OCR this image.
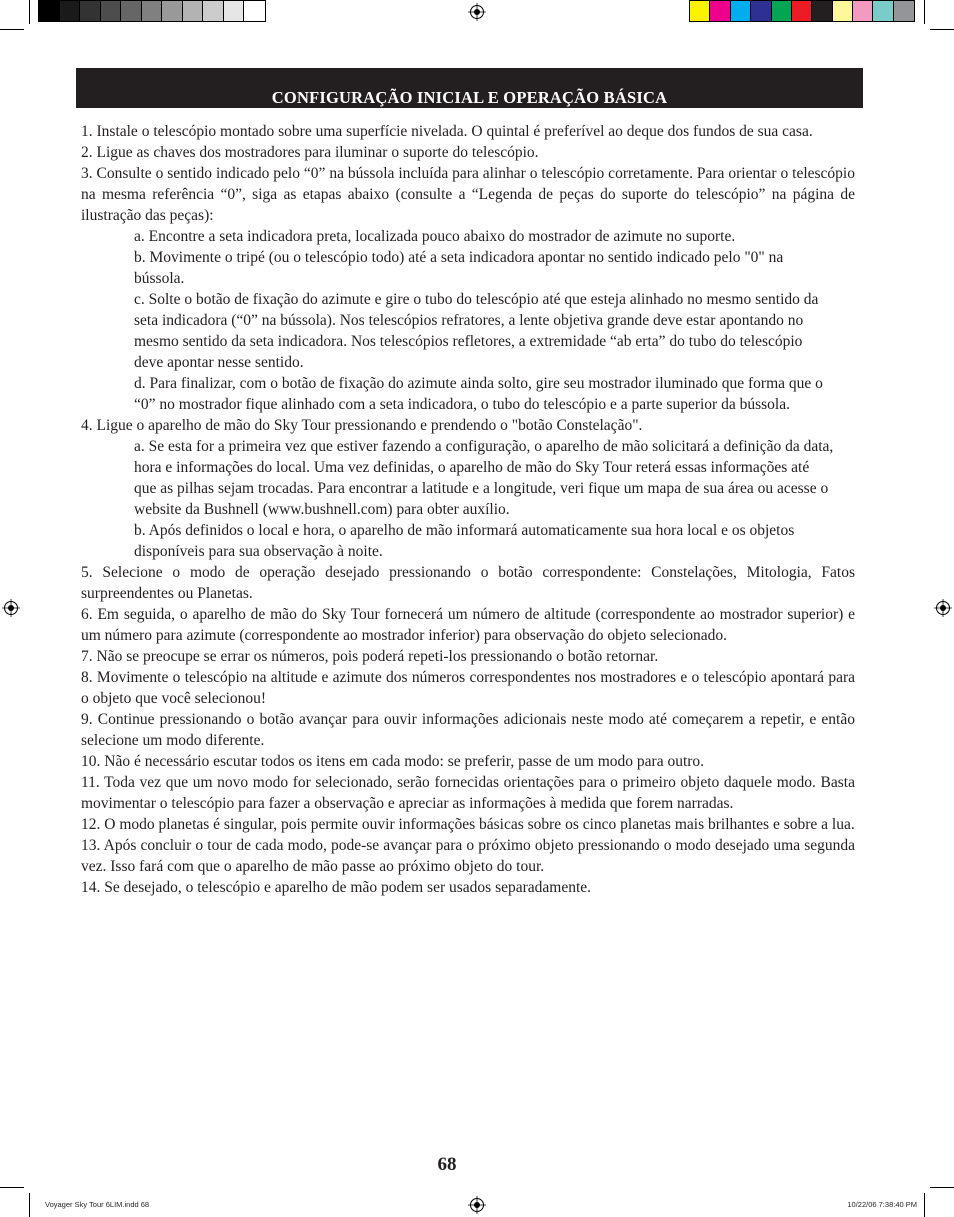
CONFIGURAÇÃO INICIAL E OPERAÇÃO BÁSICA

1. Instale o telescópio montado sobre uma superfície nivelada. O quintal é preferível ao deque dos fundos de sua casa.

2. Ligue as chaves dos mostradores para iluminar o suporte do telescópio.

3. Consulte o sentido indicado pelo “0” na bússola incluída para alinhar o telescópio corretamente. Para orientar o telescópio na mesma referência “0”, siga as etapas abaixo (consulte a “Legenda de peças do suporte do telescópio” na página de ilustração das peças):

a. Encontre a seta indicadora preta, localizada pouco abaixo do mostrador de azimute no suporte.

b. Movimente o tripé (ou o telescópio todo) até a seta indicadora apontar no sentido indicado pelo "0" na bússola.

c. Solte o botão de fixação do azimute e gire o tubo do telescópio até que esteja alinhado no mesmo sentido da seta indicadora (“0” na bússola). Nos telescópios refratores, a lente objetiva grande deve estar apontando no mesmo sentido da seta indicadora. Nos telescópios refletores, a extremidade “ab erta” do tubo do telescópio deve apontar nesse sentido.

d. Para finalizar, com o botão de fixação do azimute ainda solto, gire seu mostrador iluminado que forma que o “0” no mostrador fique alinhado com a seta indicadora, o tubo do telescópio e a parte superior da bússola.

4. Ligue o aparelho de mão do Sky Tour pressionando e prendendo o "botão Constelação".

a. Se esta for a primeira vez que estiver fazendo a configuração, o aparelho de mão solicitará a definição da data, hora e informações do local. Uma vez definidas, o aparelho de mão do Sky Tour reterá essas informações até que as pilhas sejam trocadas. Para encontrar a latitude e a longitude, veri fique um mapa de sua área ou acesse o website da Bushnell (www.bushnell.com) para obter auxílio.

b. Após definidos o local e hora, o aparelho de mão informará automaticamente sua hora local e os objetos disponíveis para sua observação à noite.

5. Selecione o modo de operação desejado pressionando o botão correspondente: Constelações, Mitologia, Fatos surpreendentes ou Planetas.

6. Em seguida, o aparelho de mão do Sky Tour fornecerá um número de altitude (correspondente ao mostrador superior) e um número para azimute (correspondente ao mostrador inferior) para observação do objeto selecionado.

7. Não se preocupe se errar os números, pois poderá repeti-los pressionando o botão retornar.

8. Movimente o telescópio na altitude e azimute dos números correspondentes nos mostradores e o telescópio apontará para o objeto que você selecionou!

9. Continue pressionando o botão avançar para ouvir informações adicionais neste modo até começarem a repetir, e então selecione um modo diferente.

10. Não é necessário escutar todos os itens em cada modo: se preferir, passe de um modo para outro.

11. Toda vez que um novo modo for selecionado, serão fornecidas orientações para o primeiro objeto daquele modo. Basta movimentar o telescópio para fazer a observação e apreciar as informações à medida que forem narradas.

12. O modo planetas é singular, pois permite ouvir informações básicas sobre os cinco planetas mais brilhantes e sobre a lua.

13. Após concluir o tour de cada modo, pode-se avançar para o próximo objeto pressionando o modo desejado uma segunda vez. Isso fará com que o aparelho de mão passe ao próximo objeto do tour.

14. Se desejado, o telescópio e aparelho de mão podem ser usados separadamente.

68
Voyager Sky Tour 6LIM.indd 68	10/22/06 7:38:40 PM
